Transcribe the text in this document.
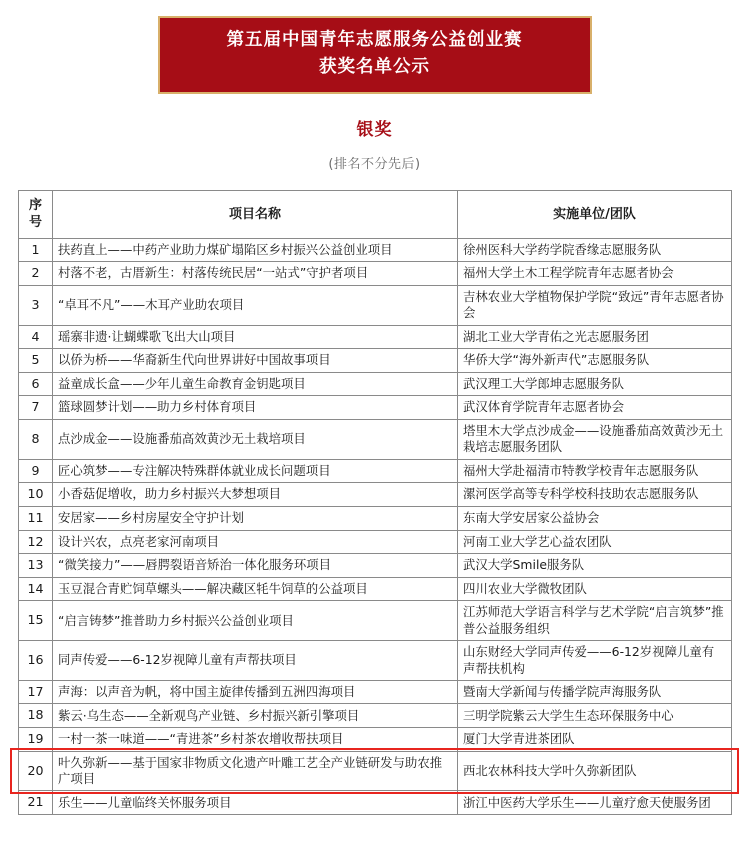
第五届中国青年志愿服务公益创业赛
获奖名单公示
银奖
(排名不分先后)
序号	项目名称	实施单位/团队
1	扶药直上——中药产业助力煤矿塌陷区乡村振兴公益创业项目	徐州医科大学药学院香缘志愿服务队
2	村落不老，古厝新生：村落传统民居“一站式”守护者项目	福州大学土木工程学院青年志愿者协会
3	“卓耳不凡”——木耳产业助农项目	吉林农业大学植物保护学院“致远”青年志愿者协会
4	瑶寨非遗·让蝴蝶歌飞出大山项目	湖北工业大学青佑之光志愿服务团
5	以侨为桥——华裔新生代向世界讲好中国故事项目	华侨大学“海外新声代”志愿服务队
6	益童成长盒——少年儿童生命教育金钥匙项目	武汉理工大学郎坤志愿服务队
7	篮球圆梦计划——助力乡村体育项目	武汉体育学院青年志愿者协会
8	点沙成金——设施番茄高效黄沙无土栽培项目	塔里木大学点沙成金——设施番茄高效黄沙无土栽培志愿服务团队
9	匠心筑梦——专注解决特殊群体就业成长问题项目	福州大学赴福清市特教学校青年志愿服务队
10	小香菇促增收，助力乡村振兴大梦想项目	漯河医学高等专科学校科技助农志愿服务队
11	安居家——乡村房屋安全守护计划	东南大学安居家公益协会
12	设计兴农，点亮老家河南项目	河南工业大学艺心益农团队
13	“微笑接力”——唇腭裂语音矫治一体化服务环项目	武汉大学Smile服务队
14	玉豆混合青贮饲草螺头——解决藏区牦牛饲草的公益项目	四川农业大学微牧团队
15	“启言铸梦”推普助力乡村振兴公益创业项目	江苏师范大学语言科学与艺术学院“启言筑梦”推普公益服务组织
16	同声传爱——6-12岁视障儿童有声帮扶项目	山东财经大学同声传爱——6-12岁视障儿童有声帮扶机构
17	声海：以声音为帆，将中国主旋律传播到五洲四海项目	暨南大学新闻与传播学院声海服务队
18	紫云·乌生态——全新观鸟产业链、乡村振兴新引擎项目	三明学院紫云大学生生态环保服务中心
19	一村一茶一味道——“青进茶”乡村茶农增收帮扶项目	厦门大学青进茶团队
20	叶久弥新——基于国家非物质文化遗产叶雕工艺全产业链研发与助农推广项目	西北农林科技大学叶久弥新团队
21	乐生——儿童临终关怀服务项目	浙江中医药大学乐生——儿童疗愈天使服务团
